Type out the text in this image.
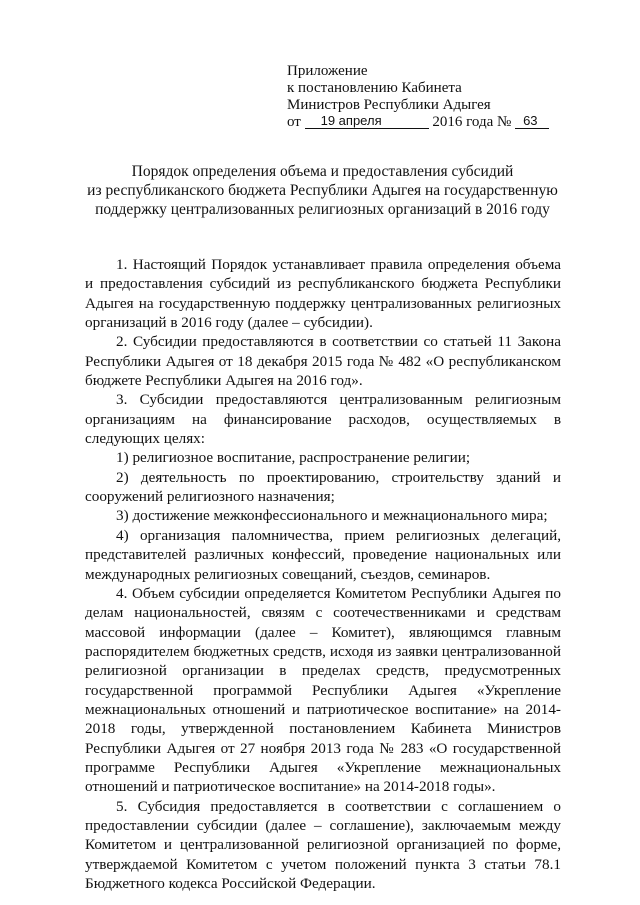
Приложение
к постановлению Кабинета
Министров Республики Адыгея
от 19 апреля	2016 года № 63
Порядок определения объема и предоставления субсидий
из республиканского бюджета Республики Адыгея на государственную
поддержку централизованных религиозных организаций в 2016 году

1. Настоящий Порядок устанавливает правила определения объема и предоставления субсидий из республиканского бюджета Республики Адыгея на государственную поддержку централизованных религиозных организаций в 2016 году (далее – субсидии).

2. Субсидии предоставляются в соответствии со статьей 11 Закона Республики Адыгея от 18 декабря 2015 года № 482 «О республиканском бюджете Республики Адыгея на 2016 год».

3. Субсидии предоставляются централизованным религиозным организациям на финансирование расходов, осуществляемых в следующих целях:

1) религиозное воспитание, распространение религии;

2) деятельность по проектированию, строительству зданий и сооружений религиозного назначения;

3) достижение межконфессионального и межнационального мира;

4) организация паломничества, прием религиозных делегаций, представителей различных конфессий, проведение национальных или международных религиозных совещаний, съездов, семинаров.

4. Объем субсидии определяется Комитетом Республики Адыгея по делам национальностей, связям с соотечественниками и средствам массовой информации (далее – Комитет), являющимся главным распорядителем бюджетных средств, исходя из заявки централизованной религиозной организации в пределах средств, предусмотренных государственной программой Республики Адыгея «Укрепление межнациональных отношений и патриотическое воспитание» на 2014-2018 годы, утвержденной постановлением Кабинета Министров Республики Адыгея от 27 ноября 2013 года № 283 «О государственной программе Республики Адыгея «Укрепление межнациональных отношений и патриотическое воспитание» на 2014-2018 годы».

5. Субсидия предоставляется в соответствии с соглашением о предоставлении субсидии (далее – соглашение), заключаемым между Комитетом и централизованной религиозной организацией по форме, утверждаемой Комитетом с учетом положений пункта 3 статьи 78.1 Бюджетного кодекса Российской Федерации.
